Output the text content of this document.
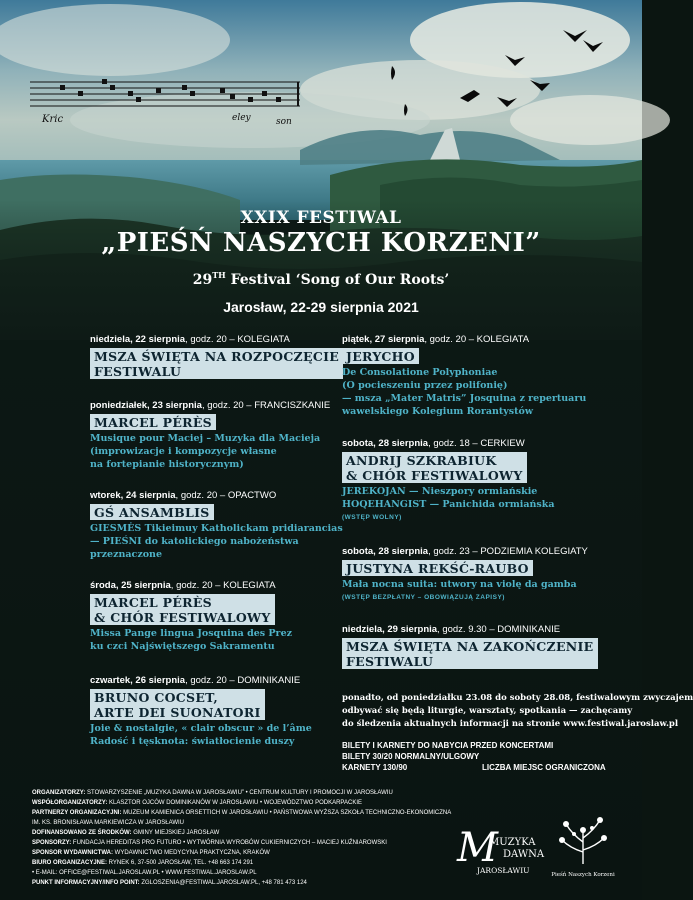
Kric	eley	son
XXIX FESTIWAL
„PIEŚŃ NASZYCH KORZENI”
29TH Festival ‘Song of Our Roots’
Jarosław, 22-29 sierpnia 2021
niedziela, 22 sierpnia, godz. 20 – KOLEGIATA
MSZA ŚWIĘTA NA ROZPOCZĘCIE
FESTIWALU
poniedziałek, 23 sierpnia, godz. 20 – FRANCISZKANIE
MARCEL PÉRÈS
Musique pour Maciej – Muzyka dla Macieja
(improwizacje i kompozycje własne
na fortepianie historycznym)
wtorek, 24 sierpnia, godz. 20 – OPACTWO
GŚ ANSAMBLIS
GIESMĖS Tikieimuy Katholickam pridiarancias
— PIEŚNI do katolickiego nabożeństwa
przeznaczone
środa, 25 sierpnia, godz. 20 – KOLEGIATA
MARCEL PÉRÈS
& CHÓR FESTIWALOWY
Missa Pange lingua Josquina des Prez
ku czci Najświętszego Sakramentu
czwartek, 26 sierpnia, godz. 20 – DOMINIKANIE
BRUNO COCSET,
ARTE DEI SUONATORI
Joie & nostalgie, « clair obscur » de l’âme
Radość i tęsknota: światłocienie duszy
piątek, 27 sierpnia, godz. 20 – KOLEGIATA
JERYCHO
De Consolatione Polyphoniae
(O pocieszeniu przez polifonię)
— msza „Mater Matris” Josquina z repertuaru
wawelskiego Kolegium Rorantystów
sobota, 28 sierpnia, godz. 18 – CERKIEW
ANDRIJ SZKRABIUK
& CHÓR FESTIWALOWY
JEREKOJAN — Nieszpory ormiańskie
HOQEHANGIST — Panichida ormiańska
(WSTĘP WOLNY)
sobota, 28 sierpnia, godz. 23 – PODZIEMIA KOLEGIATY
JUSTYNA REKŚĆ-RAUBO
Mała nocna suita: utwory na violę da gamba
(WSTĘP BEZPŁATNY – OBOWIĄZUJĄ ZAPISY)
niedziela, 29 sierpnia, godz. 9.30 – DOMINIKANIE
MSZA ŚWIĘTA NA ZAKOŃCZENIE
FESTIWALU
ponadto, od poniedziałku 23.08 do soboty 28.08, festiwalowym zwyczajem
odbywać się będą liturgie, warsztaty, spotkania — zachęcamy
do śledzenia aktualnych informacji na stronie www.festiwal.jaroslaw.pl
BILETY I KARNETY DO NABYCIA PRZED KONCERTAMI
BILETY 30/20 NORMALNY/ULGOWY
KARNETY 130/90	LICZBA MIEJSC OGRANICZONA
ORGANIZATORZY: STOWARZYSZENIE „MUZYKA DAWNA W JAROSŁAWIU” • CENTRUM KULTURY I PROMOCJI W JAROSŁAWIU
WSPÓŁORGANIZATORZY: KLASZTOR OJCÓW DOMINIKANÓW W JAROSŁAWIU • WOJEWÓDZTWO PODKARPACKIE
PARTNERZY ORGANIZACYJNI: MUZEUM KAMIENICA ORSETTICH W JAROSŁAWIU • PAŃSTWOWA WYŻSZA SZKOŁA TECHNICZNO-EKONOMICZNA
IM. KS. BRONISŁAWA MARKIEWICZA W JAROSŁAWIU
DOFINANSOWANO ZE ŚRODKÓW: GMINY MIEJSKIEJ JAROSŁAW
SPONSORZY: FUNDACJA HEREDITAS PRO FUTURO • WYTWÓRNIA WYROBÓW CUKIERNICZYCH – MACIEJ KUŹNIAROWSKI
SPONSOR WYDAWNICTWA: WYDAWNICTWO MEDYCYNA PRAKTYCZNA, KRAKÓW
BIURO ORGANIZACYJNE: RYNEK 6, 37-500 JAROSŁAW, TEL. +48 663 174 291
• E-MAIL: OFFICE@FESTIWAL.JAROSLAW.PL • WWW.FESTIWAL.JAROSLAW.PL
PUNKT INFORMACYJNY/INFO POINT: ZGLOSZENIA@FESTIWAL.JAROSLAW.PL, +48 781 473 124
M
MUZYKA
DAWNA
JAROSŁAWIU	Pieśń Naszych Korzeni
